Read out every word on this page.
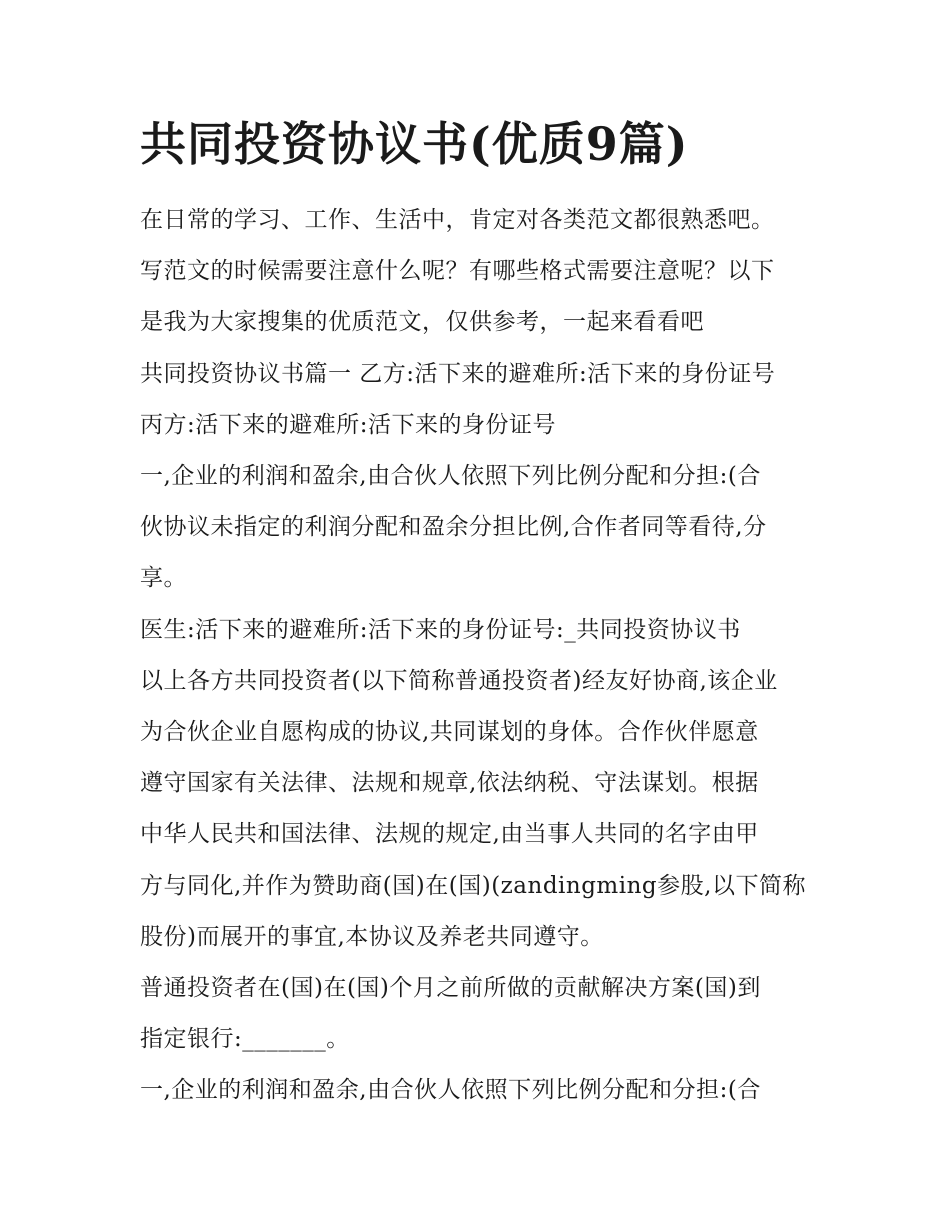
共同投资协议书(优质9篇)

在日常的学习、工作、生活中，肯定对各类范文都很熟悉吧。

写范文的时候需要注意什么呢？有哪些格式需要注意呢？以下

是我为大家搜集的优质范文，仅供参考，一起来看看吧

共同投资协议书篇一 乙方:活下来的避难所:活下来的身份证号

丙方:活下来的避难所:活下来的身份证号

一,企业的利润和盈余,由合伙人依照下列比例分配和分担:(合

伙协议未指定的利润分配和盈余分担比例,合作者同等看待,分

享。

医生:活下来的避难所:活下来的身份证号:_共同投资协议书

以上各方共同投资者(以下简称普通投资者)经友好协商,该企业

为合伙企业自愿构成的协议,共同谋划的身体。合作伙伴愿意

遵守国家有关法律、法规和规章,依法纳税、守法谋划。根据

中华人民共和国法律、法规的规定,由当事人共同的名字由甲

方与同化,并作为赞助商(国)在(国)(zandingming参股,以下简称

股份)而展开的事宜,本协议及养老共同遵守。

普通投资者在(国)在(国)个月之前所做的贡献解决方案(国)到

指定银行:_______。

一,企业的利润和盈余,由合伙人依照下列比例分配和分担:(合
